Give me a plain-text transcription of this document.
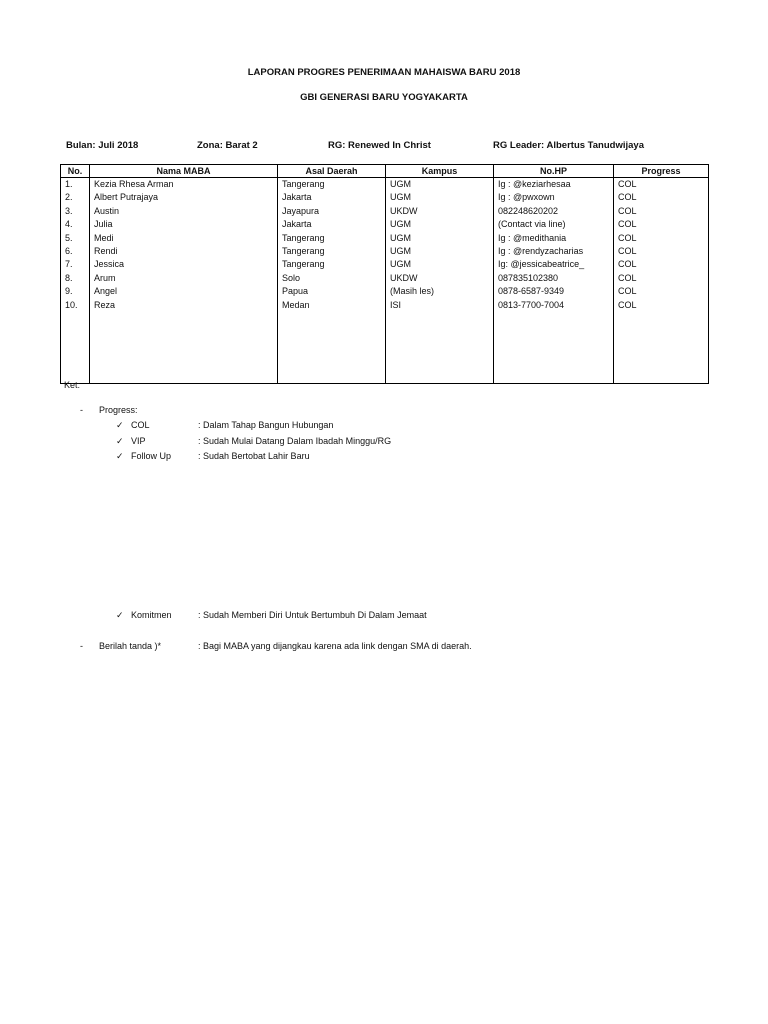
LAPORAN PROGRES PENERIMAAN MAHAISWA BARU 2018
GBI GENERASI BARU YOGYAKARTA
Bulan: Juli 2018	Zona: Barat 2	RG: Renewed In Christ	RG Leader: Albertus Tanudwijaya
No.	Nama MABA	Asal Daerah	Kampus	No.HP	Progress
1.	Kezia Rhesa Arman	Tangerang	UGM	Ig : @keziarhesaa	COL
2.	Albert Putrajaya	Jakarta	UGM	Ig : @pwxown	COL
3.	Austin	Jayapura	UKDW	082248620202	COL
4.	Julia	Jakarta	UGM	(Contact via line)	COL
5.	Medi	Tangerang	UGM	Ig : @medithania	COL
6.	Rendi	Tangerang	UGM	Ig : @rendyzacharias	COL
7.	Jessica	Tangerang	UGM	Ig: @jessicabeatrice_	COL
8.	Arum	Solo	UKDW	087835102380	COL
9.	Angel	Papua	(Masih les)	0878-6587-9349	COL
10.	Reza	Medan	ISI	0813-7700-7004	COL

Ket:
- Progress:
✓ COL	: Dalam Tahap Bangun Hubungan
✓ VIP	: Sudah Mulai Datang Dalam Ibadah Minggu/RG
✓ Follow Up	: Sudah Bertobat Lahir Baru
✓ Komitmen	: Sudah Memberi Diri Untuk Bertumbuh Di Dalam Jemaat
- Berilah tanda )*	: Bagi MABA yang dijangkau karena ada link dengan SMA di daerah.
